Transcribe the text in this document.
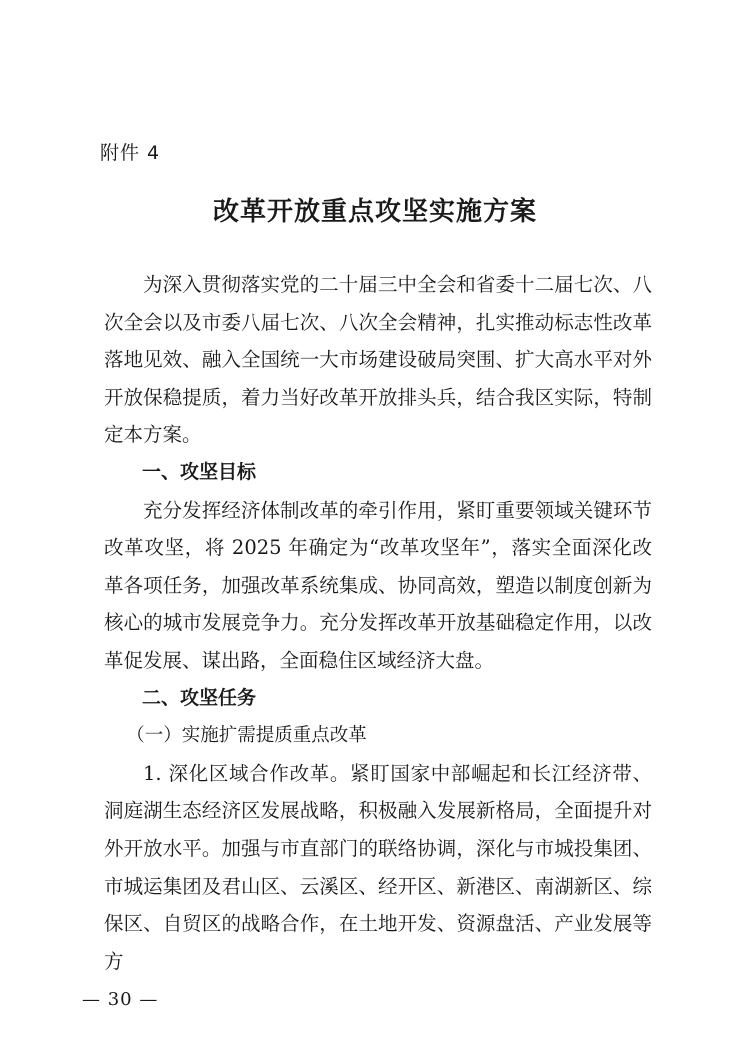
附件 4
改革开放重点攻坚实施方案

为深入贯彻落实党的二十届三中全会和省委十二届七次、八次全会以及市委八届七次、八次全会精神，扎实推动标志性改革落地见效、融入全国统一大市场建设破局突围、扩大高水平对外开放保稳提质，着力当好改革开放排头兵，结合我区实际，特制定本方案。

一、攻坚目标

充分发挥经济体制改革的牵引作用，紧盯重要领域关键环节改革攻坚，将 2025 年确定为“改革攻坚年”，落实全面深化改革各项任务，加强改革系统集成、协同高效，塑造以制度创新为核心的城市发展竞争力。充分发挥改革开放基础稳定作用，以改革促发展、谋出路，全面稳住区域经济大盘。

二、攻坚任务

（一）实施扩需提质重点改革

1. 深化区域合作改革。紧盯国家中部崛起和长江经济带、洞庭湖生态经济区发展战略，积极融入发展新格局，全面提升对外开放水平。加强与市直部门的联络协调，深化与市城投集团、市城运集团及君山区、云溪区、经开区、新港区、南湖新区、综保区、自贸区的战略合作，在土地开发、资源盘活、产业发展等方

— 30 —
